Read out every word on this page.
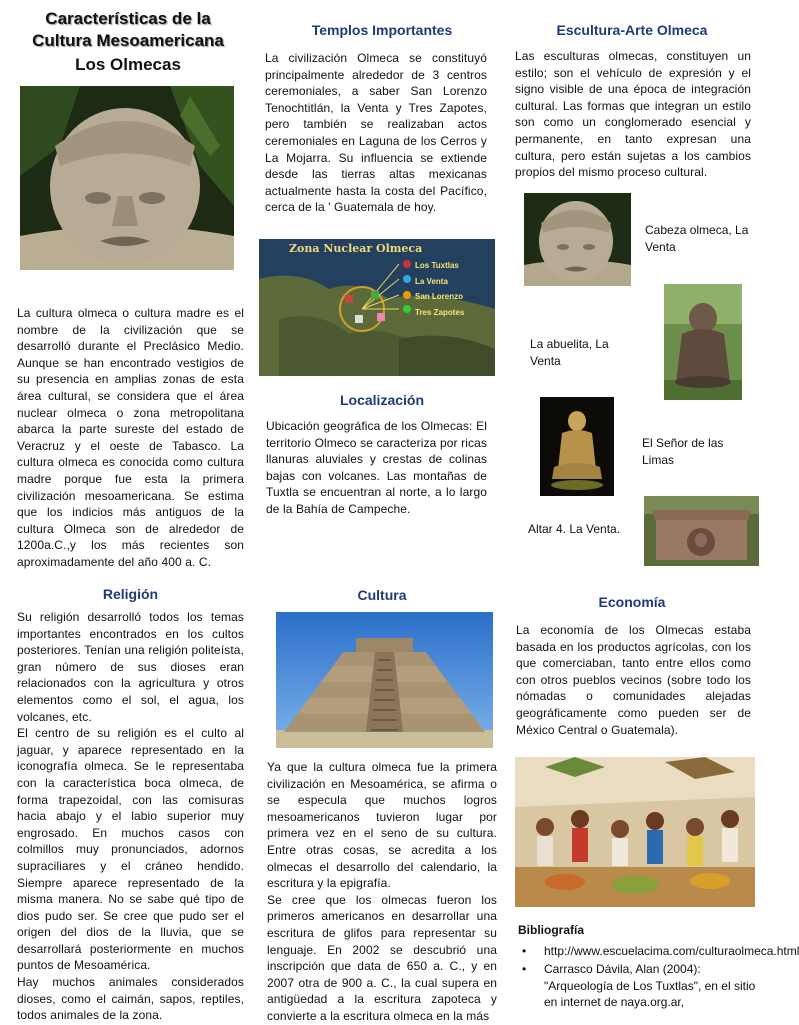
Características de la
Cultura Mesoamericana
Los Olmecas
La cultura olmeca o cultura madre es el nombre de la civilización que se desarrolló durante el Preclásico Medio. Aunque se han encontrado vestigios de su presencia en amplias zonas de esta área cultural, se considera que el área nuclear olmeca o zona metropolitana abarca la parte sureste del estado de Veracruz y el oeste de Tabasco. La cultura olmeca es conocida como cultura madre porque fue esta la primera civilización mesoamericana. Se estima que los indicios más antiguos de la cultura Olmeca son de alrededor de 1200a.C.,y los más recientes son aproximadamente del año 400 a. C.
Religión

Su religión desarrolló todos los temas importantes encontrados en los cultos posteriores. Tenían una religión politeísta, gran número de sus dioses eran relacionados con la agricultura y otros elementos como el sol, el agua, los volcanes, etc.

El centro de su religión es el culto al jaguar, y aparece representado en la iconografía olmeca. Se le representaba con la característica boca olmeca, de forma trapezoidal, con las comisuras hacia abajo y el labio superior muy engrosado. En muchos casos con colmillos muy pronunciados, adornos supraciliares y el cráneo hendido. Siempre aparece representado de la misma manera. No se sabe qué tipo de dios pudo ser. Se cree que pudo ser el origen del dios de la lluvia, que se desarrollará posteriormente en muchos puntos de Mesoamérica.

Hay muchos animales considerados dioses, como el caimán, sapos, reptiles, todos animales de la zona.

Templos Importantes
La civilización Olmeca se constituyó principalmente alrededor de 3 centros ceremoniales, a saber San Lorenzo Tenochtitlán, la Venta y Tres Zapotes, pero también se realizaban actos ceremoniales en Laguna de los Cerros y La Mojarra. Su influencia se extiende desde las tierras altas mexicanas actualmente hasta la costa del Pacífico, cerca de la ' Guatemala de hoy.
Zona Nuclear Olmeca
Los Tuxtlas
La Venta
San Lorenzo
Tres Zapotes
Localización
Ubicación geográfica de los Olmecas: El territorio Olmeco se caracteriza por ricas llanuras aluviales y crestas de colinas bajas con volcanes. Las montañas de Tuxtla se encuentran al norte, a lo largo de la Bahía de Campeche.
Cultura

Ya que la cultura olmeca fue la primera civilización en Mesoamérica, se afirma o se especula que muchos logros mesoamericanos tuvieron lugar por primera vez en el seno de su cultura. Entre otras cosas, se acredita a los olmecas el desarrollo del calendario, la escritura y la epigrafía.

Se cree que los olmecas fueron los primeros americanos en desarrollar una escritura de glifos para representar su lenguaje. En 2002 se descubrió una inscripción que data de 650 a. C., y en 2007 otra de 900 a. C., la cual supera en antigüedad a la escritura zapoteca y convierte a la escritura olmeca en la más

Escultura-Arte Olmeca
Las esculturas olmecas, constituyen un estilo; son el vehículo de expresión y el signo visible de una época de integración cultural. Las formas que integran un estilo son como un conglomerado esencial y permanente, en tanto expresan una cultura, pero están sujetas a los cambios propios del mismo proceso cultural.
Cabeza olmeca, La Venta
La abuelita, La Venta
El Señor de las Limas
Altar 4. La Venta.
Economía
La economía de los Olmecas estaba basada en los productos agrícolas, con los que comerciaban, tanto entre ellos como con otros pueblos vecinos (sobre todo los nómadas o comunidades alejadas geográficamente como pueden ser de México Central o Guatemala).
Bibliografía
• http://www.escuelacima.com/culturaolmeca.html
• Carrasco Dávila, Alan (2004): "Arqueología de Los Tuxtlas", en el sitio en internet de naya.org.ar,
